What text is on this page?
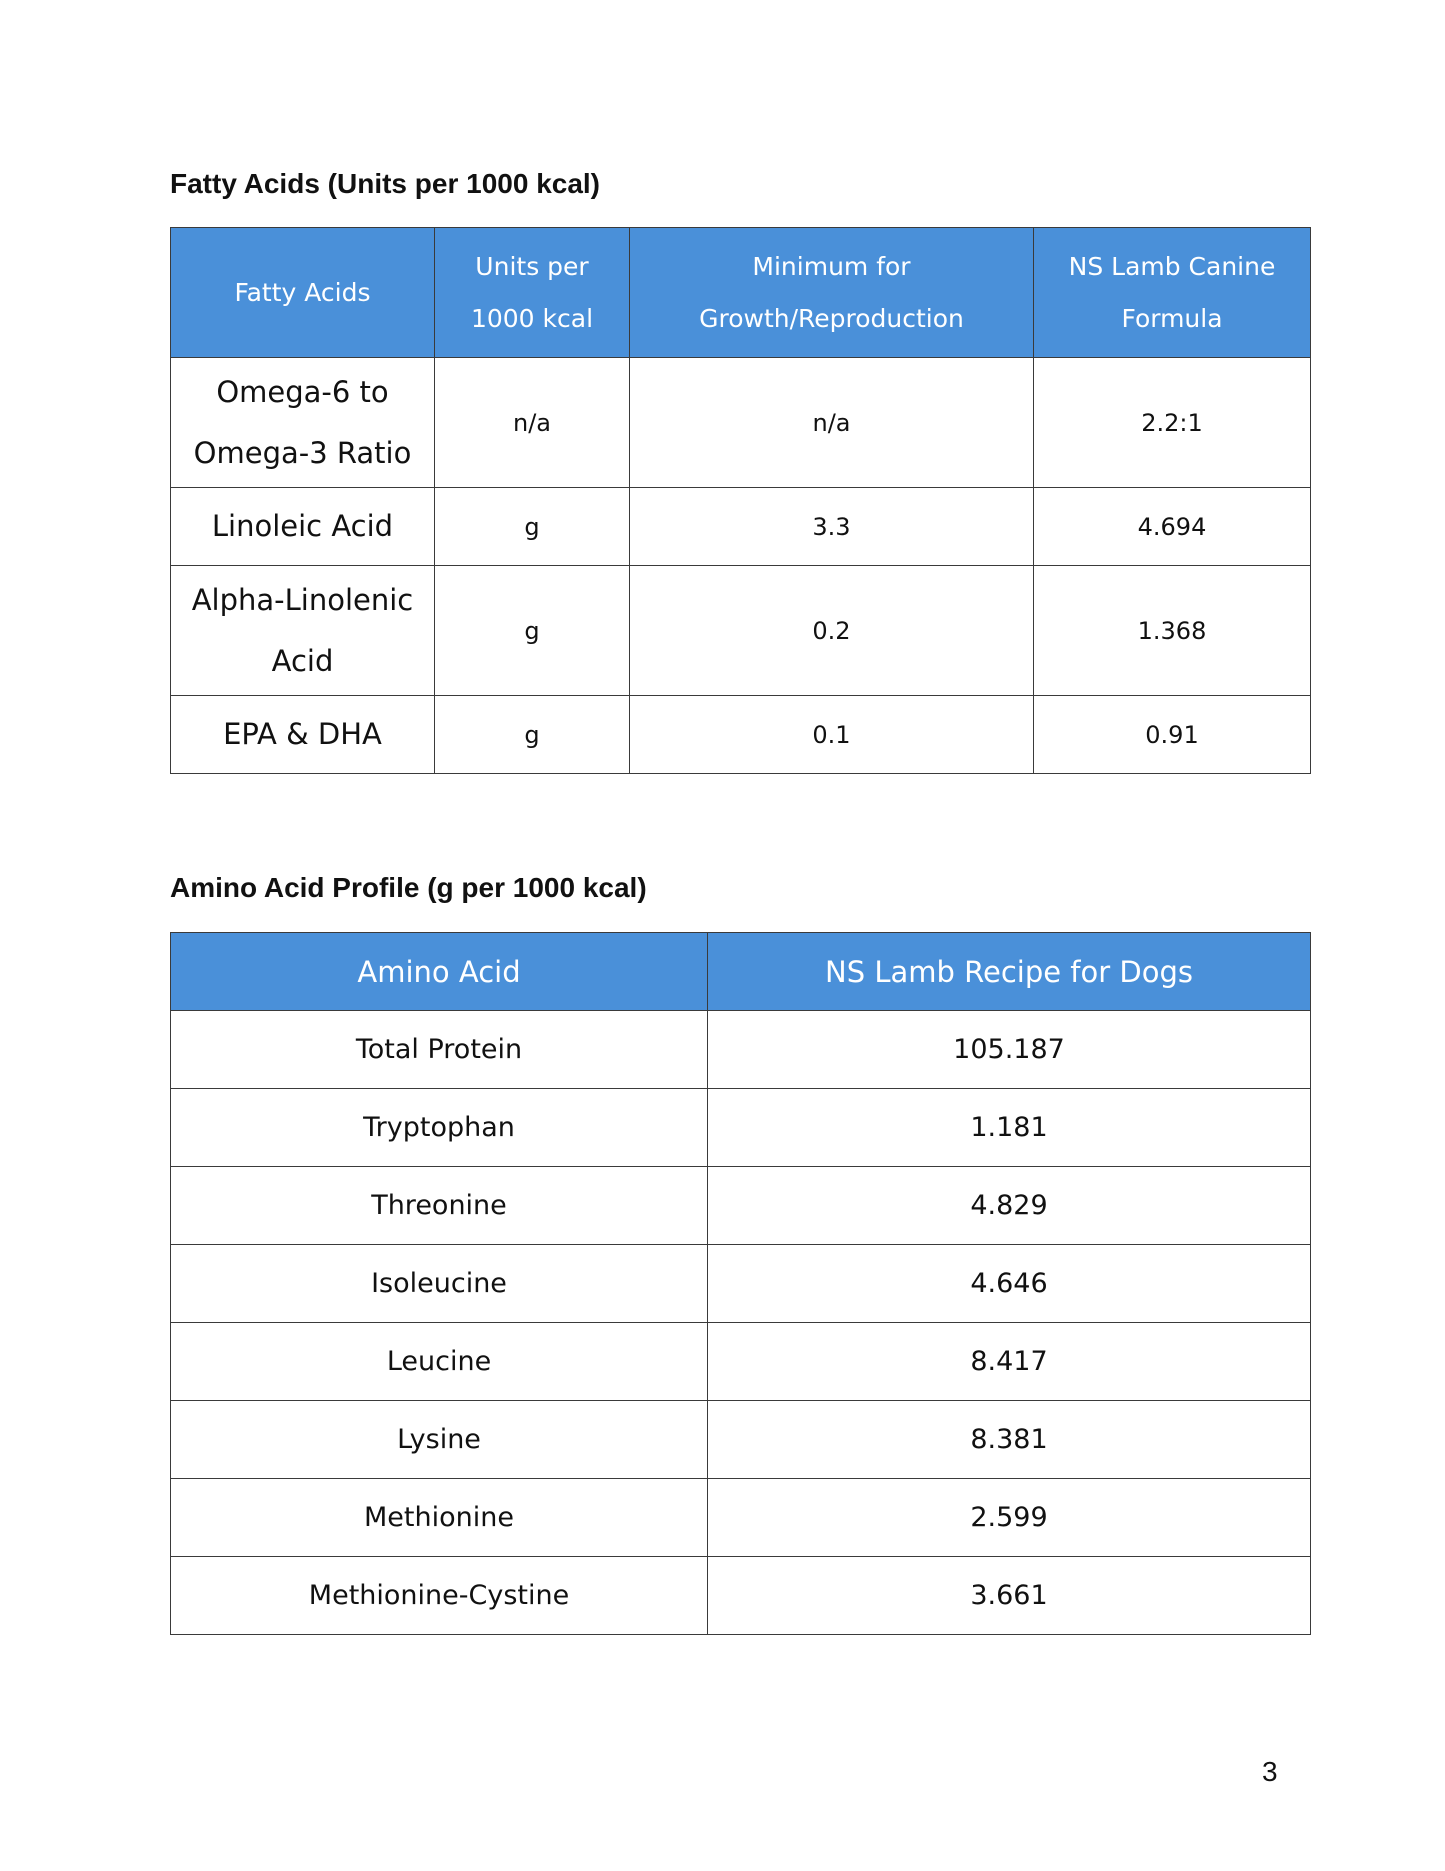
Fatty Acids (Units per 1000 kcal)
Fatty Acids	Units per 1000 kcal	Minimum for Growth/Reproduction	NS Lamb Canine Formula
Omega-6 to Omega-3 Ratio	n/a	n/a	2.2:1
Linoleic Acid	g	3.3	4.694
Alpha-Linolenic Acid	g	0.2	1.368
EPA & DHA	g	0.1	0.91
Amino Acid Profile (g per 1000 kcal)
Amino Acid	NS Lamb Recipe for Dogs
Total Protein	105.187
Tryptophan	1.181
Threonine	4.829
Isoleucine	4.646
Leucine	8.417
Lysine	8.381
Methionine	2.599
Methionine-Cystine	3.661
3
